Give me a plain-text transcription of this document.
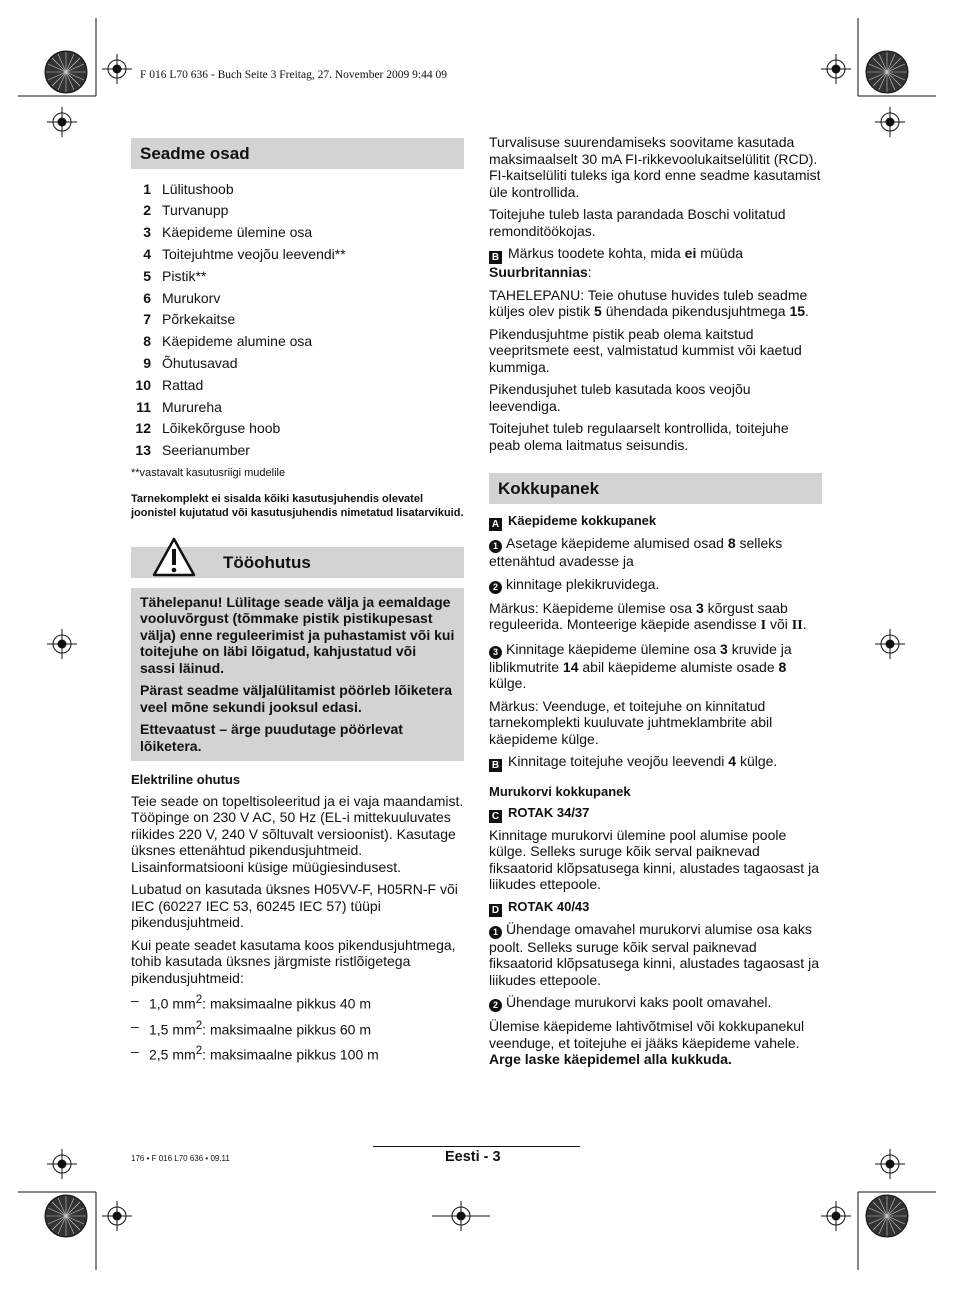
F 016 L70 636 - Buch Seite 3 Freitag, 27. November 2009 9:44 09
Seadme osad
1 Lülitushoob
2 Turvanupp
3 Käepideme ülemine osa
4 Toitejuhtme veojõu leevendi**
5 Pistik**
6 Murukorv
7 Põrkekaitse
8 Käepideme alumine osa
9 Õhutusavad
10 Rattad
11 Murureha
12 Lõikekõrguse hoob
13 Seerianumber
**vastavalt kasutusriigi mudelile
Tarnekomplekt ei sisalda kõiki kasutusjuhendis olevatel joonistel kujutatud või kasutusjuhendis nimetatud lisatarvikuid.
Tööohutus

Tähelepanu! Lülitage seade välja ja eemaldage vooluvõrgust (tõmmake pistik pistikupesast välja) enne reguleerimist ja puhastamist või kui toitejuhe on läbi lõigatud, kahjustatud või sassi läinud.

Pärast seadme väljalülitamist pöörleb lõiketera veel mõne sekundi jooksul edasi.

Ettevaatust – ärge puudutage pöörlevat lõiketera.

Elektriline ohutus

Teie seade on topeltisoleeritud ja ei vaja maandamist. Tööpinge on 230 V AC, 50 Hz (EL-i mittekuuluvates riikides 220 V, 240 V sõltuvalt versioonist). Kasutage üksnes ettenähtud pikendusjuhtmeid. Lisainformatsiooni küsige müügiesindusest.

Lubatud on kasutada üksnes H05VV-F, H05RN-F või IEC (60227 IEC 53, 60245 IEC 57) tüüpi pikendusjuhtmeid.

Kui peate seadet kasutama koos pikendusjuhtmega, tohib kasutada üksnes järgmiste ristlõigetega pikendusjuhtmeid:

– 1,0 $mm^2$: maksimaalne pikkus 40 m
– 1,5 $mm^2$: maksimaalne pikkus 60 m
– 2,5 $mm^2$: maksimaalne pikkus 100 m

Turvalisuse suurendamiseks soovitame kasutada maksimaalselt 30 mA FI-rikkevoolukaitselülitit (RCD). FI-kaitselüliti tuleks iga kord enne seadme kasutamist üle kontrollida.

Toitejuhe tuleb lasta parandada Boschi volitatud remonditöökojas.

B Märkus toodete kohta, mida ei müüda
Suurbritannias:

TAHELEPANU: Teie ohutuse huvides tuleb seadme küljes olev pistik 5 ühendada pikendusjuhtmega 15.

Pikendusjuhtme pistik peab olema kaitstud veepritsmete eest, valmistatud kummist või kaetud kummiga.

Pikendusjuhet tuleb kasutada koos veojõu leevendiga.

Toitejuhet tuleb regulaarselt kontrollida, toitejuhe peab olema laitmatus seisundis.

Kokkupanek
A Käepideme kokkupanek

1 Asetage käepideme alumised osad 8 selleks ettenähtud avadesse ja

2 kinnitage plekikruvidega.

Märkus: Käepideme ülemise osa 3 kõrgust saab reguleerida. Monteerige käepide asendisse I või II.

3 Kinnitage käepideme ülemine osa 3 kruvide ja liblikmutrite 14 abil käepideme alumiste osade 8 külge.

Märkus: Veenduge, et toitejuhe on kinnitatud tarnekomplekti kuuluvate juhtmeklambrite abil käepideme külge.

B Kinnitage toitejuhe veojõu leevendi 4 külge.

Murukorvi kokkupanek
C ROTAK 34/37

Kinnitage murukorvi ülemine pool alumise poole külge. Selleks suruge kõik serval paiknevad fiksaatorid klõpsatusega kinni, alustades tagaosast ja liikudes ettepoole.

D ROTAK 40/43

1 Ühendage omavahel murukorvi alumise osa kaks poolt. Selleks suruge kõik serval paiknevad fiksaatorid klõpsatusega kinni, alustades tagaosast ja liikudes ettepoole.

2 Ühendage murukorvi kaks poolt omavahel.

Ülemise käepideme lahtivõtmisel või kokkupanekul veenduge, et toitejuhe ei jääks käepideme vahele.
Arge laske käepidemel alla kukkuda.

176 • F 016 L70 636 • 09.11	Eesti - 3
